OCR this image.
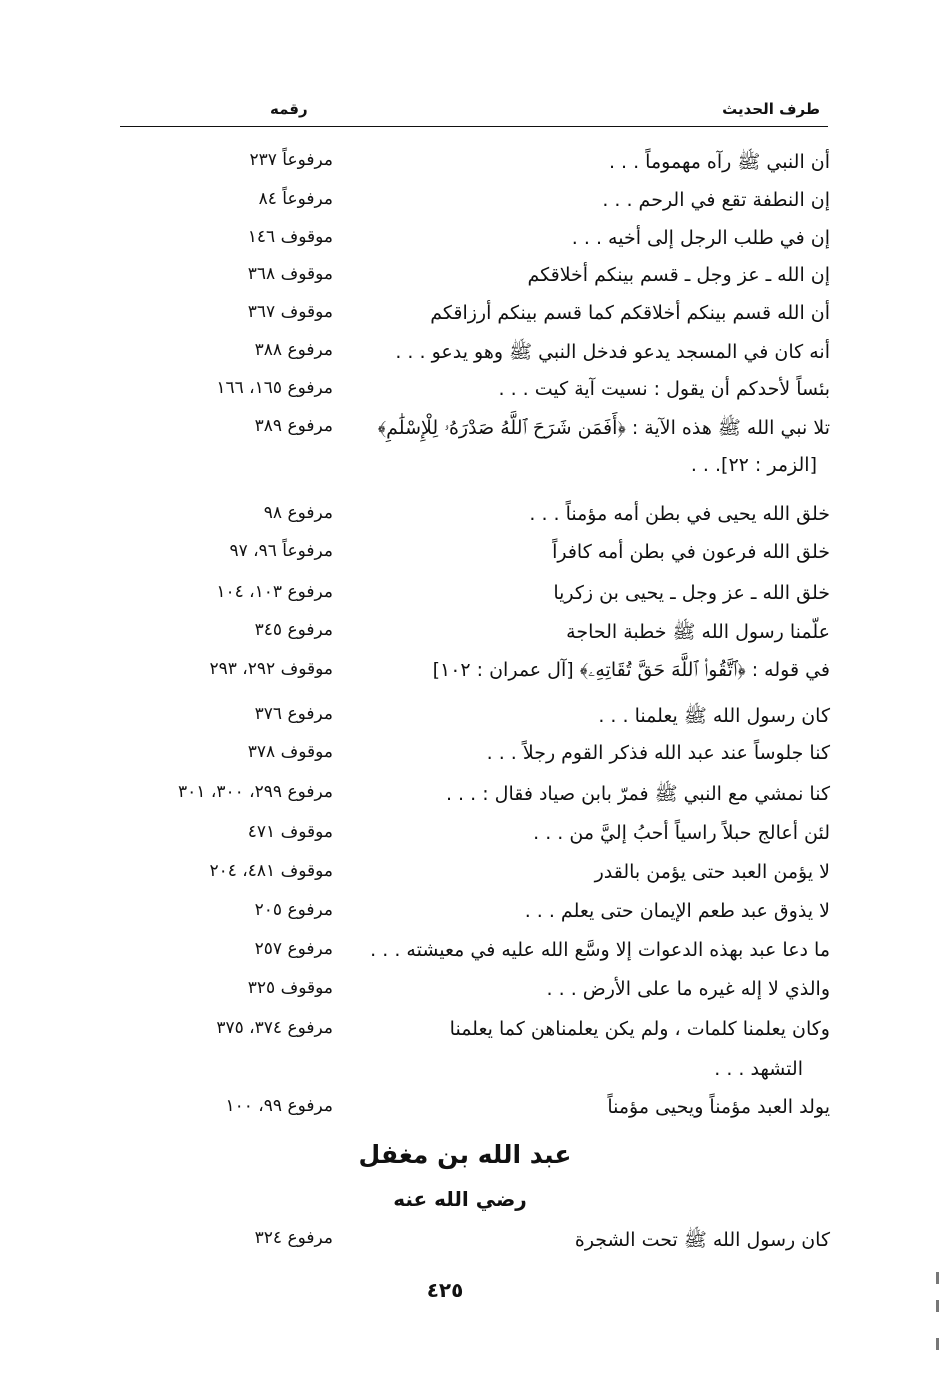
طرف الحديث
رقمه
أن النبي ﷺ رآه مهموماً . . .
مرفوعاً ٢٣٧
إن النطفة تقع في الرحم . . .
مرفوعاً ٨٤
إن في طلب الرجل إلى أخيه . . .
موقوف ١٤٦
إن الله ـ عز وجل ـ قسم بينكم أخلاقكم
موقوف ٣٦٨
أن الله قسم بينكم أخلاقكم كما قسم بينكم أرزاقكم
موقوف ٣٦٧
أنه كان في المسجد يدعو فدخل النبي ﷺ وهو يدعو . . .
مرفوع ٣٨٨
بئساً لأحدكم أن يقول : نسيت آية كيت . . .
مرفوع ١٦٥، ١٦٦
تلا نبي الله ﷺ هذه الآية : ﴿أَفَمَن شَرَحَ ٱللَّهُ صَدْرَهُۥ لِلْإِسْلَٰمِ﴾
مرفوع ٣٨٩
[الزمر : ٢٢]. . .
خلق الله يحيى في بطن أمه مؤمناً . . .
مرفوع ٩٨
خلق الله فرعون في بطن أمه كافراً
مرفوعاً ٩٦، ٩٧
خلق الله ـ عز وجل ـ يحيى بن زكريا
مرفوع ١٠٣، ١٠٤
علّمنا رسول الله ﷺ خطبة الحاجة
مرفوع ٣٤٥
في قوله : ﴿ٱتَّقُوا۟ ٱللَّهَ حَقَّ تُقَاتِهِۦ﴾ [آل عمران : ١٠٢]
موقوف ٢٩٢، ٢٩٣
كان رسول الله ﷺ يعلمنا . . .
مرفوع ٣٧٦
كنا جلوساً عند عبد الله فذكر القوم رجلاً . . .
موقوف ٣٧٨
كنا نمشي مع النبي ﷺ فمرّ بابن صياد فقال : . . .
مرفوع ٢٩٩، ٣٠٠، ٣٠١
لئن أعالج حبلاً راسياً أحبُ إليَّ من . . .
موقوف ٤٧١
لا يؤمن العبد حتى يؤمن بالقدر
موقوف ٤٨١، ٢٠٤
لا يذوق عبد طعم الإيمان حتى يعلم . . .
مرفوع ٢٠٥
ما دعا عبد بهذه الدعوات إلا وسَّع الله عليه في معيشته . . .
مرفوع ٢٥٧
والذي لا إله غيره ما على الأرض . . .
موقوف ٣٢٥
وكان يعلمنا كلمات ، ولم يكن يعلمناهن كما يعلمنا
مرفوع ٣٧٤، ٣٧٥
التشهد . . .
يولد العبد مؤمناً ويحيى مؤمناً
مرفوع ٩٩، ١٠٠
عبد الله بن مغفل
رضي الله عنه
كان رسول الله ﷺ تحت الشجرة
مرفوع ٣٢٤
٤٢٥
